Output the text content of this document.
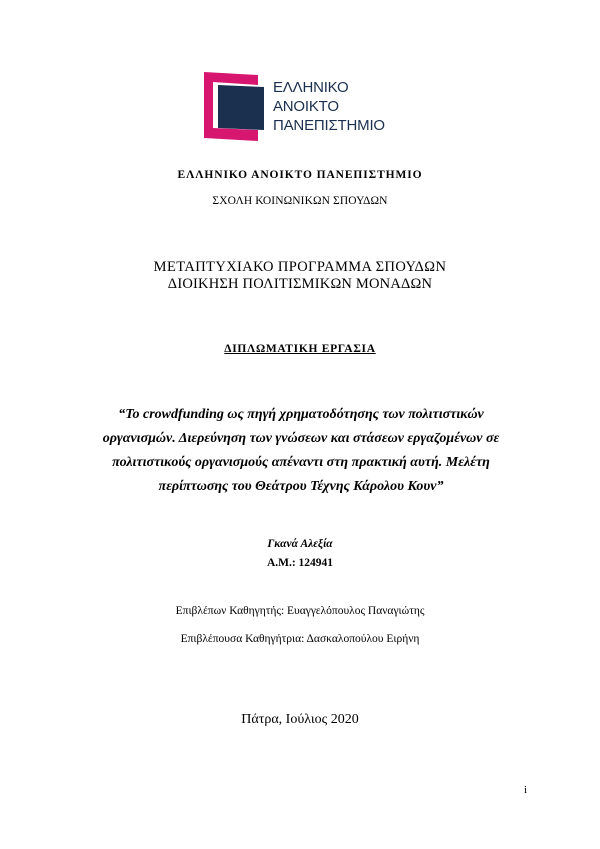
ΕΛΛΗΝΙΚΟ
ΑΝΟΙΚΤΟ
ΠΑΝΕΠΙΣΤΗΜΙΟ
ΕΛΛΗΝΙΚΟ ΑΝΟΙΚΤΟ ΠΑΝΕΠΙΣΤΗΜΙΟ
ΣΧΟΛΗ ΚΟΙΝΩΝΙΚΩΝ ΣΠΟΥΔΩΝ
ΜΕΤΑΠΤΥΧΙΑΚΟ ΠΡΟΓΡΑΜΜΑ ΣΠΟΥΔΩΝ
ΔΙΟΙΚΗΣΗ ΠΟΛΙΤΙΣΜΙΚΩΝ ΜΟΝΑΔΩΝ
ΔΙΠΛΩΜΑΤΙΚΗ ΕΡΓΑΣΙΑ
“Το crowdfunding ως πηγή χρηματοδότησης των πολιτιστικών
οργανισμών. Διερεύνηση των γνώσεων και στάσεων εργαζομένων σε
πολιτιστικούς οργανισμούς απέναντι στη πρακτική αυτή. Μελέτη
περίπτωσης του Θεάτρου Τέχνης Κάρολου Κουν”
Γκανά Αλεξία
Α.Μ.: 124941
Επιβλέπων Καθηγητής: Ευαγγελόπουλος Παναγιώτης
Επιβλέπουσα Καθηγήτρια: Δασκαλοπούλου Ειρήνη
Πάτρα, Ιούλιος 2020
i
